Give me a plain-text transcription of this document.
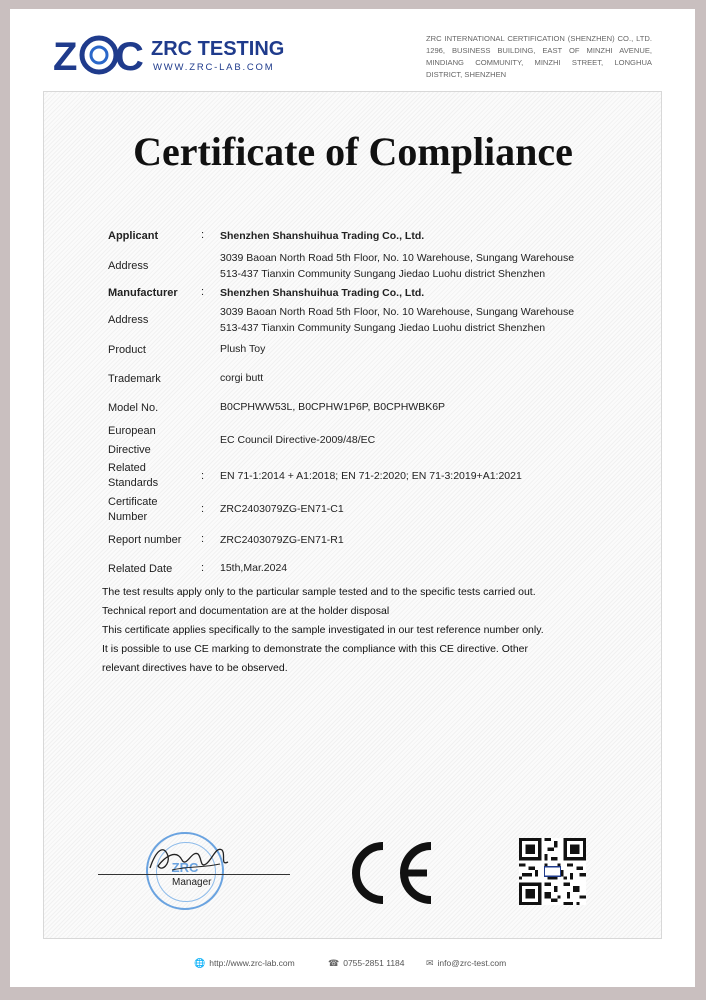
Z C ZRC TESTING
WWW.ZRC-LAB.COM
ZRC INTERNATIONAL CERTIFICATION (SHENZHEN) CO., LTD. 1296, BUSINESS BUILDING, EAST OF MINZHI AVENUE, MINDIANG COMMUNITY, MINZHI STREET, LONGHUA DISTRICT, SHENZHEN
Certificate of Compliance
Applicant	: Shenzhen Shanshuihua Trading Co., Ltd.
Address
3039 Baoan North Road 5th Floor, No. 10 Warehouse, Sungang Warehouse
513-437 Tianxin Community Sungang Jiedao Luohu district Shenzhen
Manufacturer : Shenzhen Shanshuihua Trading Co., Ltd.
Address
3039 Baoan North Road 5th Floor, No. 10 Warehouse, Sungang Warehouse
513-437 Tianxin Community Sungang Jiedao Luohu district Shenzhen
Product	Plush Toy
Trademark	corgi butt
Model No.	B0CPHWW53L, B0CPHW1P6P, B0CPHWBK6P
European
Directive
EC Council Directive-2009/48/EC
Related
Standards
: EN 71-1:2014 + A1:2018; EN 71-2:2020; EN 71-3:2019+A1:2021
Certificate
Number
: ZRC2403079ZG-EN71-C1
Report number : ZRC2403079ZG-EN71-R1
Related Date	: 15th,Mar.2024
The test results apply only to the particular sample tested and to the specific tests carried out.
Technical report and documentation are at the holder disposal
This certificate applies specifically to the sample investigated in our test reference number only.
It is possible to use CE marking to demonstrate the compliance with this CE directive. Other
relevant directives have to be observed.
ZRC
Manager
🌐 http://www.zrc-lab.com	☎ 0755-2851 1184 ✉ info@zrc-test.com
